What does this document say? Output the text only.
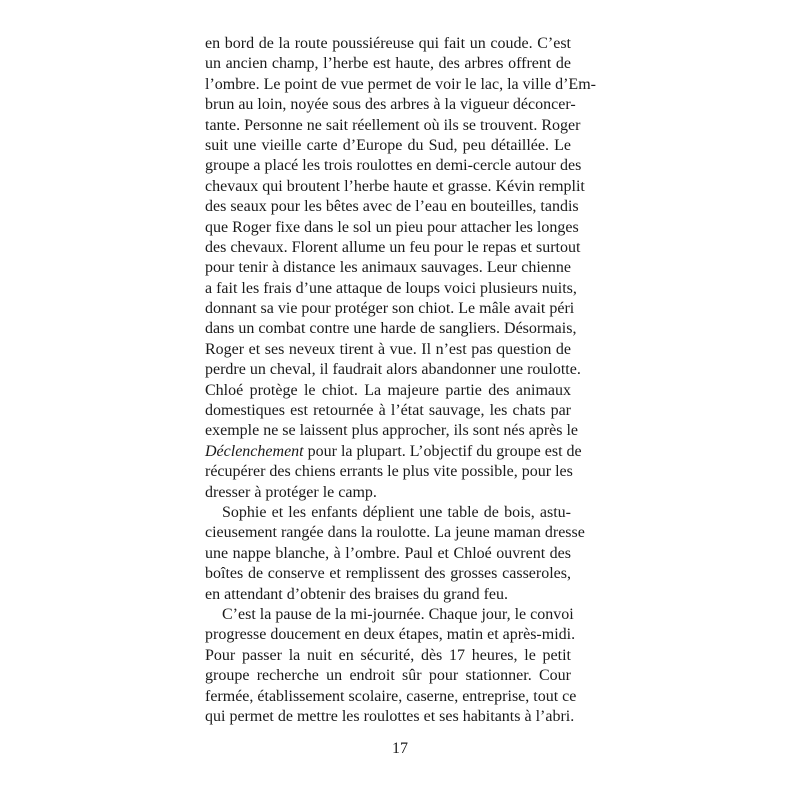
en bord de la route poussiéreuse qui fait un coude. C’est
un ancien champ, l’herbe est haute, des arbres offrent de
l’ombre. Le point de vue permet de voir le lac, la ville d’Em-
brun au loin, noyée sous des arbres à la vigueur déconcer-
tante. Personne ne sait réellement où ils se trouvent. Roger
suit une vieille carte d’Europe du Sud, peu détaillée. Le
groupe a placé les trois roulottes en demi-cercle autour des
chevaux qui broutent l’herbe haute et grasse. Kévin remplit
des seaux pour les bêtes avec de l’eau en bouteilles, tandis
que Roger fixe dans le sol un pieu pour attacher les longes
des chevaux. Florent allume un feu pour le repas et surtout
pour tenir à distance les animaux sauvages. Leur chienne
a fait les frais d’une attaque de loups voici plusieurs nuits,
donnant sa vie pour protéger son chiot. Le mâle avait péri
dans un combat contre une harde de sangliers. Désormais,
Roger et ses neveux tirent à vue. Il n’est pas question de
perdre un cheval, il faudrait alors abandonner une roulotte.
Chloé protège le chiot. La majeure partie des animaux
domestiques est retournée à l’état sauvage, les chats par
exemple ne se laissent plus approcher, ils sont nés après le
Déclenchement pour la plupart. L’objectif du groupe est de
récupérer des chiens errants le plus vite possible, pour les
dresser à protéger le camp.
Sophie et les enfants déplient une table de bois, astu-
cieusement rangée dans la roulotte. La jeune maman dresse
une nappe blanche, à l’ombre. Paul et Chloé ouvrent des
boîtes de conserve et remplissent des grosses casseroles,
en attendant d’obtenir des braises du grand feu.
C’est la pause de la mi-journée. Chaque jour, le convoi
progresse doucement en deux étapes, matin et après-midi.
Pour passer la nuit en sécurité, dès 17 heures, le petit
groupe recherche un endroit sûr pour stationner. Cour
fermée, établissement scolaire, caserne, entreprise, tout ce
qui permet de mettre les roulottes et ses habitants à l’abri.
17
